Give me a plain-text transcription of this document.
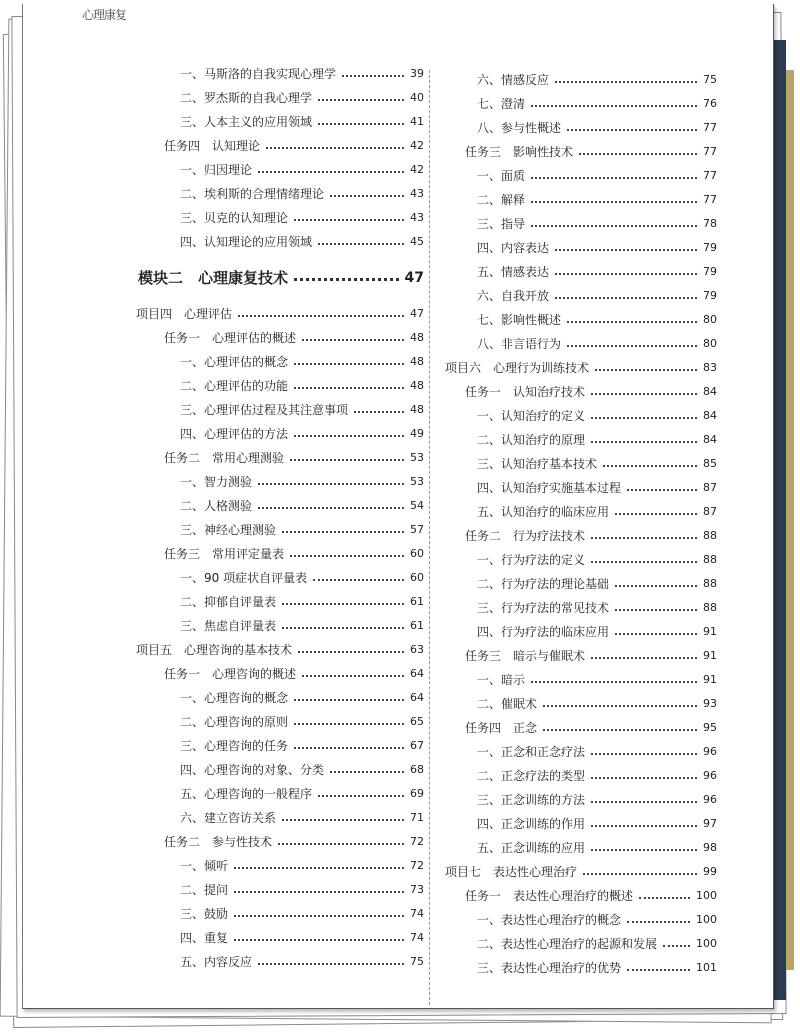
心理康复
一、马斯洛的自我实现心理学	39
二、罗杰斯的自我心理学	40
三、人本主义的应用领域	41
任务四　认知理论	42
一、归因理论	42
二、埃利斯的合理情绪理论	43
三、贝克的认知理论	43
四、认知理论的应用领域	45
模块二　心理康复技术	47
项目四　心理评估	47
任务一　心理评估的概述	48
一、心理评估的概念	48
二、心理评估的功能	48
三、心理评估过程及其注意事项	48
四、心理评估的方法	49
任务二　常用心理测验	53
一、智力测验	53
二、人格测验	54
三、神经心理测验	57
任务三　常用评定量表	60
一、90 项症状自评量表	60
二、抑郁自评量表	61
三、焦虑自评量表	61
项目五　心理咨询的基本技术	63
任务一　心理咨询的概述	64
一、心理咨询的概念	64
二、心理咨询的原则	65
三、心理咨询的任务	67
四、心理咨询的对象、分类	68
五、心理咨询的一般程序	69
六、建立咨访关系	71
任务二　参与性技术	72
一、倾听	72
二、提问	73
三、鼓励	74
四、重复	74
五、内容反应	75
六、情感反应	75
七、澄清	76
八、参与性概述	77
任务三　影响性技术	77
一、面质	77
二、解释	77
三、指导	78
四、内容表达	79
五、情感表达	79
六、自我开放	79
七、影响性概述	80
八、非言语行为	80
项目六　心理行为训练技术	83
任务一　认知治疗技术	84
一、认知治疗的定义	84
二、认知治疗的原理	84
三、认知治疗基本技术	85
四、认知治疗实施基本过程	87
五、认知治疗的临床应用	87
任务二　行为疗法技术	88
一、行为疗法的定义	88
二、行为疗法的理论基础	88
三、行为疗法的常见技术	88
四、行为疗法的临床应用	91
任务三　暗示与催眠术	91
一、暗示	91
二、催眠术	93
任务四　正念	95
一、正念和正念疗法	96
二、正念疗法的类型	96
三、正念训练的方法	96
四、正念训练的作用	97
五、正念训练的应用	98
项目七　表达性心理治疗	99
任务一　表达性心理治疗的概述	100
一、表达性心理治疗的概念	100
二、表达性心理治疗的起源和发展	100
三、表达性心理治疗的优势	101
